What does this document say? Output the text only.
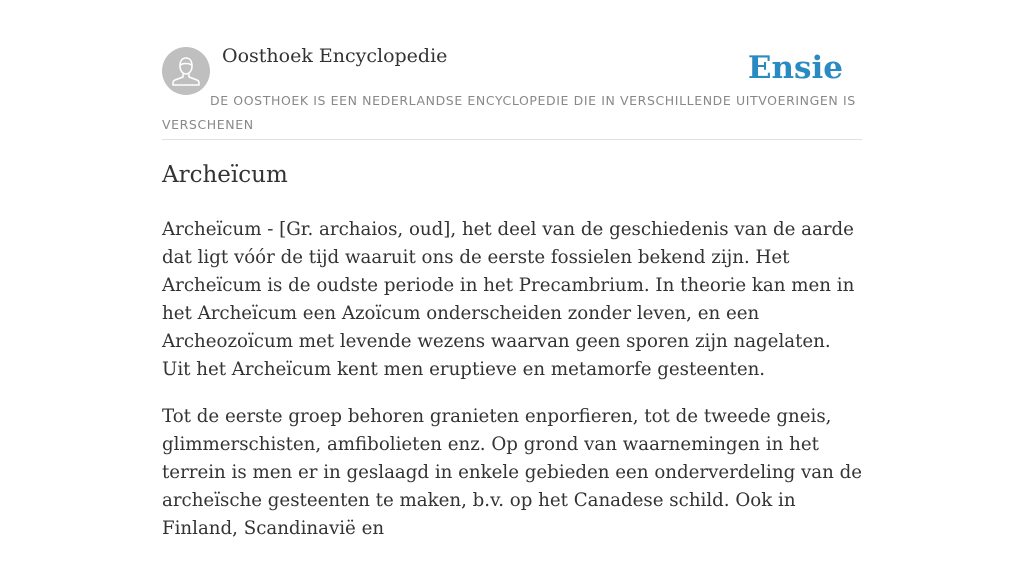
Oosthoek Encyclopedie	Ensie
DE OOSTHOEK IS EEN NEDERLANDSE ENCYCLOPEDIE DIE IN VERSCHILLENDE UITVOERINGEN IS VERSCHENEN
Archeïcum

Archeïcum - [Gr. archaios, oud], het deel van de geschiedenis van de aarde dat ligt vóór de tijd waaruit ons de eerste fossielen bekend zijn. Het Archeïcum is de oudste periode in het Precambrium. In theorie kan men in het Archeïcum een Azoïcum onderscheiden zonder leven, en een Archeozoïcum met levende wezens waarvan geen sporen zijn nagelaten. Uit het Archeïcum kent men eruptieve en metamorfe gesteenten.

Tot de eerste groep behoren granieten enporfieren, tot de tweede gneis, glimmerschisten, amfibolieten enz. Op grond van waarnemingen in het terrein is men er in geslaagd in enkele gebieden een onderverdeling van de archeïsche gesteenten te maken, b.v. op het Canadese schild. Ook in Finland, Scandinavië en
